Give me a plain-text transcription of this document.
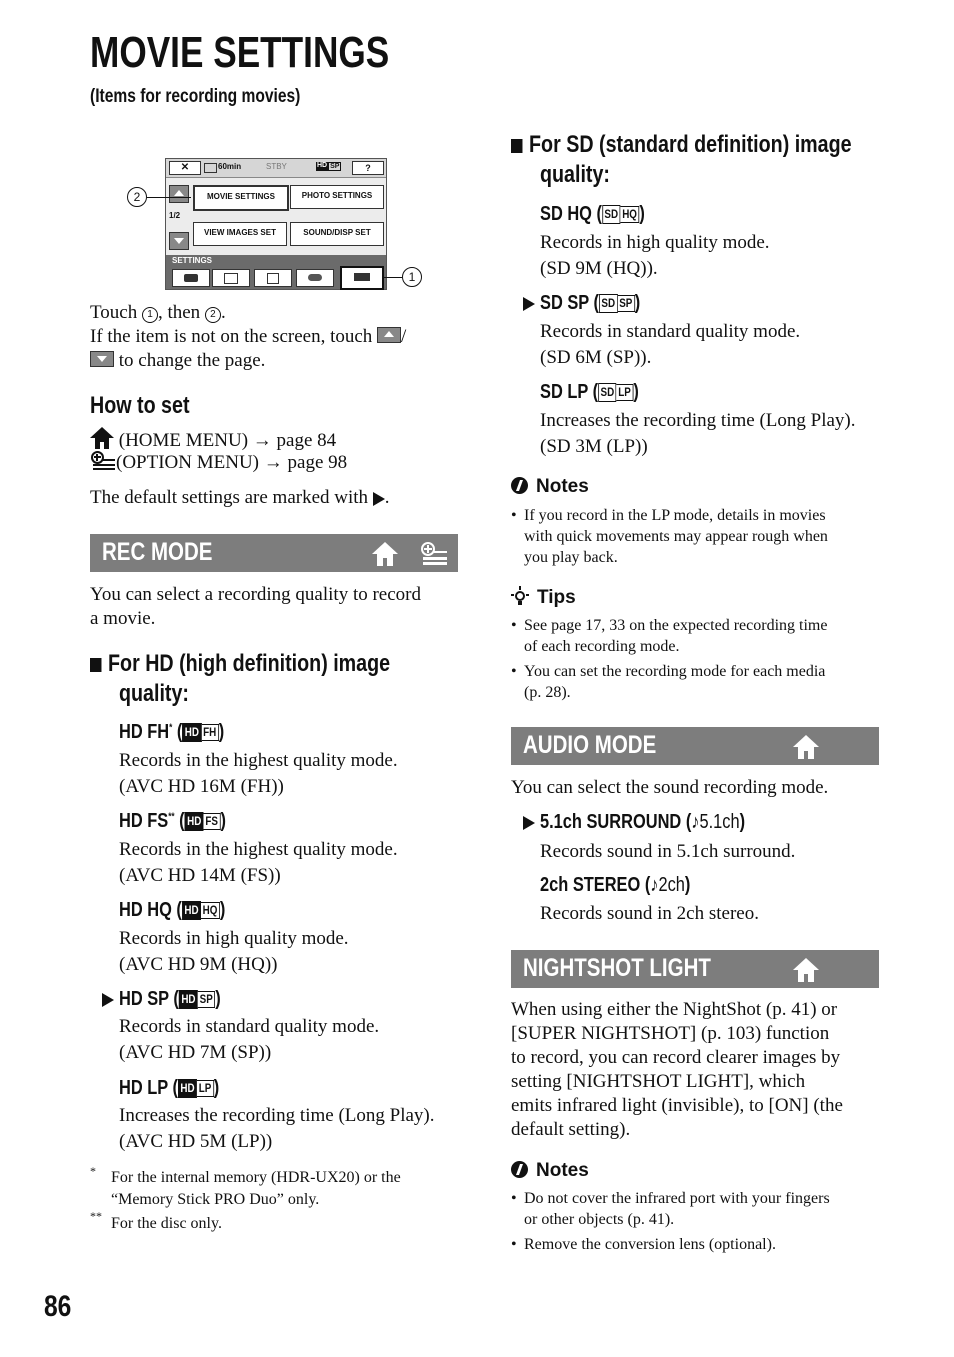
MOVIE SETTINGS
(Items for recording movies)
✕	60min	STBY	HD SP	?
1/2
MOVIE SETTINGS	PHOTO SETTINGS
VIEW IMAGES SET	SOUND/DISP SET
SETTINGS
2
1
Touch 1 , then 2 .
If the item is not on the screen, touch /
to change the page.
How to set
(HOME MENU) → page 84
(OPTION MENU) → page 98
The default settings are marked with .
REC MODE
You can select a recording quality to record
a movie.
For HD (high definition) image
quality:
HD FH* ( HD FH )
Records in the highest quality mode.
(AVC HD 16M (FH))
HD FS** ( HD FS )
Records in the highest quality mode.
(AVC HD 14M (FS))
HD HQ ( HD HQ )
Records in high quality mode.
(AVC HD 9M (HQ))
HD SP ( HD SP )
Records in standard quality mode.
(AVC HD 7M (SP))
HD LP ( HD LP )
Increases the recording time (Long Play).
(AVC HD 5M (LP))
* For the internal memory (HDR-UX20) or the
“Memory Stick PRO Duo” only.
** For the disc only.
86
For SD (standard definition) image
quality:
SD HQ ( SD HQ )
Records in high quality mode.
(SD 9M (HQ)).
SD SP ( SD SP )
Records in standard quality mode.
(SD 6M (SP)).
SD LP ( SD LP )
Increases the recording time (Long Play).
(SD 3M (LP))
Notes
• If you record in the LP mode, details in movies
with quick movements may appear rough when
you play back.
Tips
• See page 17, 33 on the expected recording time
of each recording mode.
• You can set the recording mode for each media
(p. 28).
AUDIO MODE
You can select the sound recording mode.
5.1ch SURROUND (♪5.1ch)
Records sound in 5.1ch surround.
2ch STEREO (♪2ch)
Records sound in 2ch stereo.
NIGHTSHOT LIGHT
When using either the NightShot (p. 41) or
[SUPER NIGHTSHOT] (p. 103) function
to record, you can record clearer images by
setting [NIGHTSHOT LIGHT], which
emits infrared light (invisible), to [ON] (the
default setting).
Notes
• Do not cover the infrared port with your fingers
or other objects (p. 41).
• Remove the conversion lens (optional).
